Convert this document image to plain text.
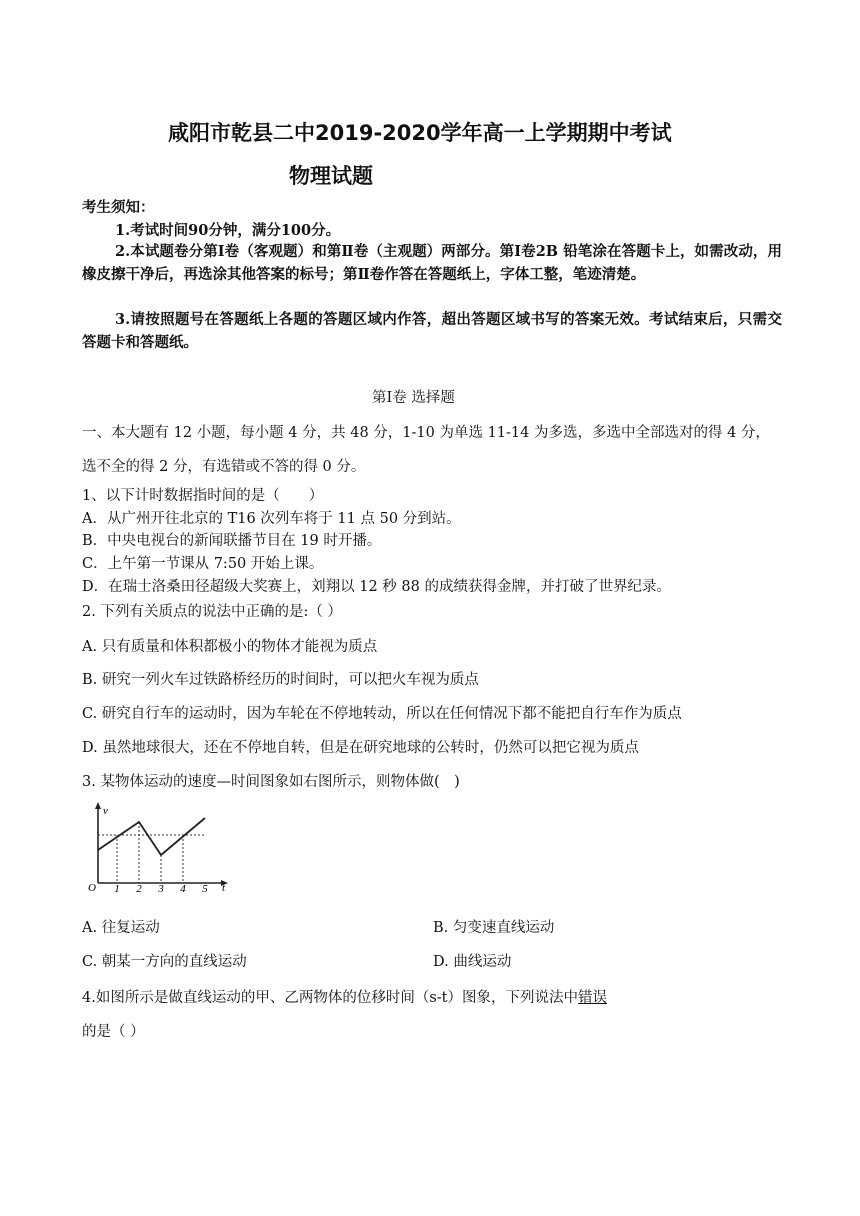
咸阳市乾县二中2019-2020学年高一上学期期中考试
物理试题
考生须知：
1.考试时间90分钟，满分100分。
2.本试题卷分第Ⅰ卷（客观题）和第Ⅱ卷（主观题）两部分。第Ⅰ卷2B 铅笔涂在答题卡上，如需改动，用橡皮擦干净后，再选涂其他答案的标号；第Ⅱ卷作答在答题纸上，字体工整，笔迹清楚。
3.请按照题号在答题纸上各题的答题区域内作答，超出答题区域书写的答案无效。考试结束后，只需交答题卡和答题纸。
第Ⅰ卷 选择题
一、本大题有 12 小题，每小题 4 分，共 48 分，1-10 为单选 11-14 为多选，多选中全部选对的得 4 分，
选不全的得 2 分，有选错或不答的得 0 分。
1、以下计时数据指时间的是（　　）
A．从广州开往北京的 T16 次列车将于 11 点 50 分到站。
B．中央电视台的新闻联播节目在 19 时开播。
C．上午第一节课从 7:50 开始上课。
D．在瑞士洛桑田径超级大奖赛上，刘翔以 12 秒 88 的成绩获得金牌，并打破了世界纪录。
2. 下列有关质点的说法中正确的是:（ ）
A. 只有质量和体积都极小的物体才能视为质点
B. 研究一列火车过铁路桥经历的时间时，可以把火车视为质点
C. 研究自行车的运动时，因为车轮在不停地转动，所以在任何情况下都不能把自行车作为质点
D. 虽然地球很大，还在不停地自转，但是在研究地球的公转时，仍然可以把它视为质点
3. 某物体运动的速度—时间图象如右图所示，则物体做(　)
v
O	t
1 2 3 4 5
A. 往复运动	B. 匀变速直线运动
C. 朝某一方向的直线运动	D. 曲线运动
4.如图所示是做直线运动的甲、乙两物体的位移时间（s-t）图象，下列说法中错误
的是（ ）
